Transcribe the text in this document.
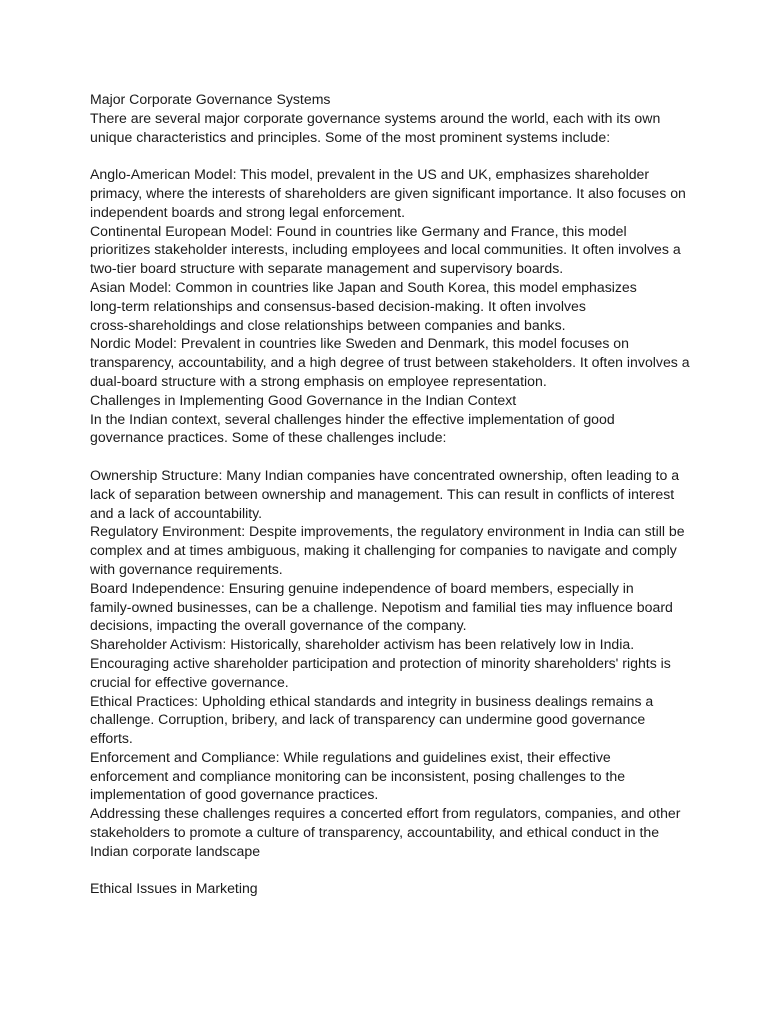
Major Corporate Governance Systems
There are several major corporate governance systems around the world, each with its own
unique characteristics and principles. Some of the most prominent systems include:
Anglo-American Model: This model, prevalent in the US and UK, emphasizes shareholder
primacy, where the interests of shareholders are given significant importance. It also focuses on
independent boards and strong legal enforcement.
Continental European Model: Found in countries like Germany and France, this model
prioritizes stakeholder interests, including employees and local communities. It often involves a
two-tier board structure with separate management and supervisory boards.
Asian Model: Common in countries like Japan and South Korea, this model emphasizes
long-term relationships and consensus-based decision-making. It often involves
cross-shareholdings and close relationships between companies and banks.
Nordic Model: Prevalent in countries like Sweden and Denmark, this model focuses on
transparency, accountability, and a high degree of trust between stakeholders. It often involves a
dual-board structure with a strong emphasis on employee representation.
Challenges in Implementing Good Governance in the Indian Context
In the Indian context, several challenges hinder the effective implementation of good
governance practices. Some of these challenges include:
Ownership Structure: Many Indian companies have concentrated ownership, often leading to a
lack of separation between ownership and management. This can result in conflicts of interest
and a lack of accountability.
Regulatory Environment: Despite improvements, the regulatory environment in India can still be
complex and at times ambiguous, making it challenging for companies to navigate and comply
with governance requirements.
Board Independence: Ensuring genuine independence of board members, especially in
family-owned businesses, can be a challenge. Nepotism and familial ties may influence board
decisions, impacting the overall governance of the company.
Shareholder Activism: Historically, shareholder activism has been relatively low in India.
Encouraging active shareholder participation and protection of minority shareholders' rights is
crucial for effective governance.
Ethical Practices: Upholding ethical standards and integrity in business dealings remains a
challenge. Corruption, bribery, and lack of transparency can undermine good governance
efforts.
Enforcement and Compliance: While regulations and guidelines exist, their effective
enforcement and compliance monitoring can be inconsistent, posing challenges to the
implementation of good governance practices.
Addressing these challenges requires a concerted effort from regulators, companies, and other
stakeholders to promote a culture of transparency, accountability, and ethical conduct in the
Indian corporate landscape
Ethical Issues in Marketing
